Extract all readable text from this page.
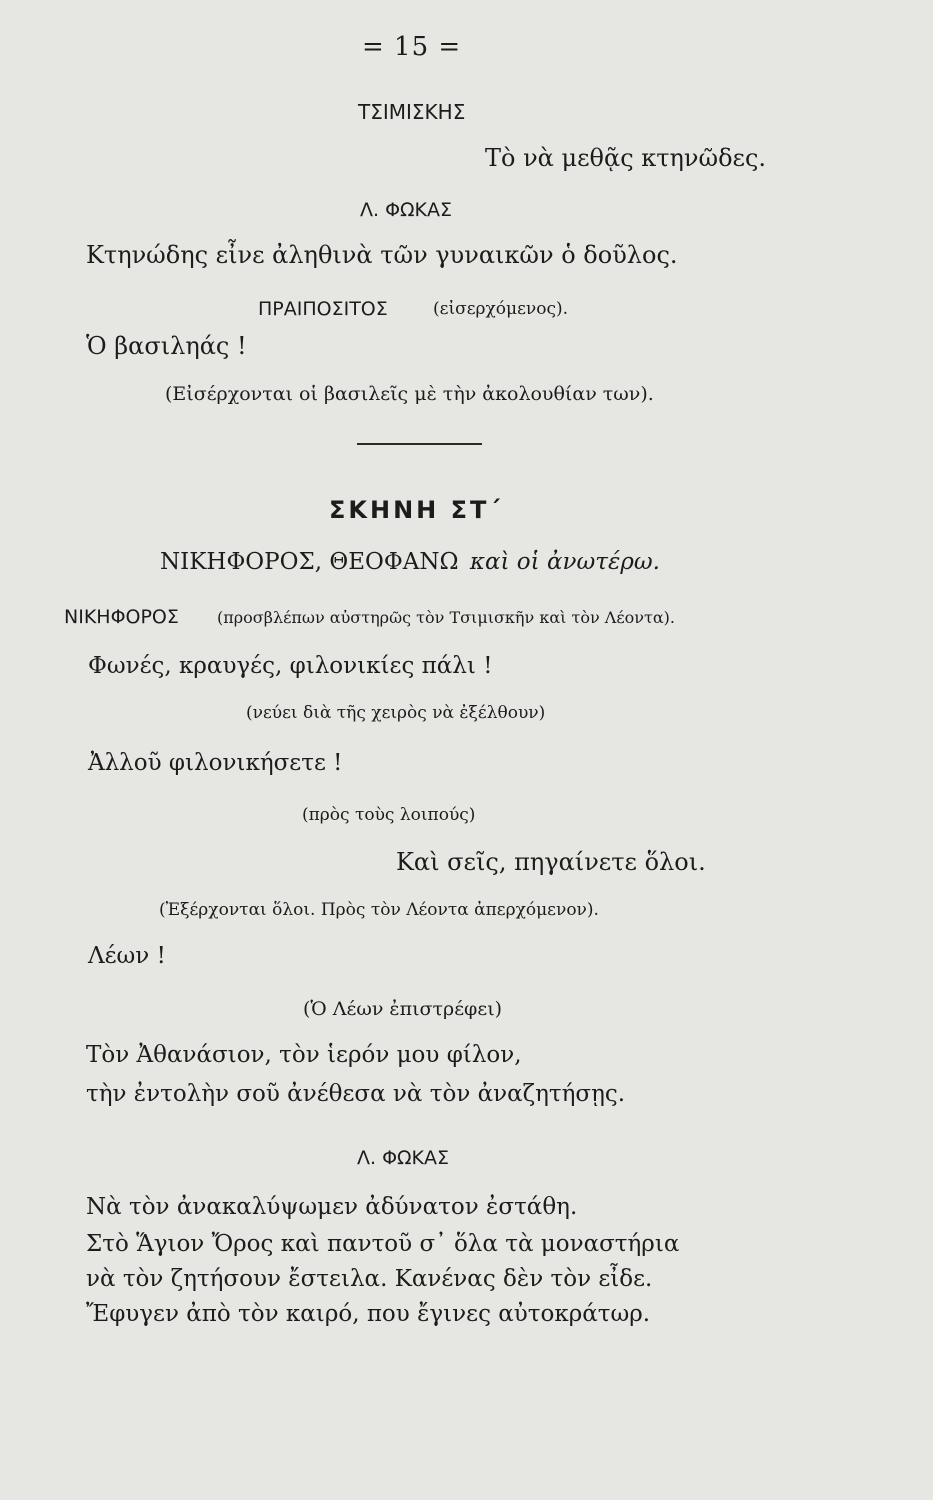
= 15 =
ΤΣΙΜΙΣΚΗΣ
Τὸ νὰ μεθᾷς κτηνῶδες.
Λ. ΦΩΚΑΣ
Κτηνώδης εἶνε ἀληθινὰ τῶν γυναικῶν ὁ δοῦλος.
ΠΡΑΙΠΟΣΙΤΟΣ	(εἰσερχόμενος).
Ὁ βασιληάς !
(Εἰσέρχονται οἱ βασιλεῖς μὲ τὴν ἀκολουθίαν των).
ΣΚΗΝΗ ΣΤ΄
ΝΙΚΗΦΟΡΟΣ, ΘΕΟΦΑΝΩ καὶ οἱ ἀνωτέρω.
ΝΙΚΗΦΟΡΟΣ (προσβλέπων αὐστηρῶς τὸν Τσιμισκῆν καὶ τὸν Λέοντα).
Φωνές, κραυγές, φιλονικίες πάλι !
(νεύει διὰ τῆς χειρὸς νὰ ἐξέλθουν)
Ἀλλοῦ φιλονικήσετε !
(πρὸς τοὺς λοιπούς)
Καὶ σεῖς, πηγαίνετε ὅλοι.
(Ἐξέρχονται ὅλοι. Πρὸς τὸν Λέοντα ἀπερχόμενον).
Λέων !
(Ὁ Λέων ἐπιστρέφει)
Τὸν Ἀθανάσιον, τὸν ἱερόν μου φίλον,
τὴν ἐντολὴν σοῦ ἀνέθεσα νὰ τὸν ἀναζητήσῃς.
Λ. ΦΩΚΑΣ
Νὰ τὸν ἀνακαλύψωμεν ἀδύνατον ἐστάθη.
Στὸ Ἅγιον Ὄρος καὶ παντοῦ σ᾽ ὅλα τὰ μοναστήρια
νὰ τὸν ζητήσουν ἔστειλα. Κανένας δὲν τὸν εἶδε.
Ἔφυγεν ἀπὸ τὸν καιρό, που ἔγινες αὐτοκράτωρ.
